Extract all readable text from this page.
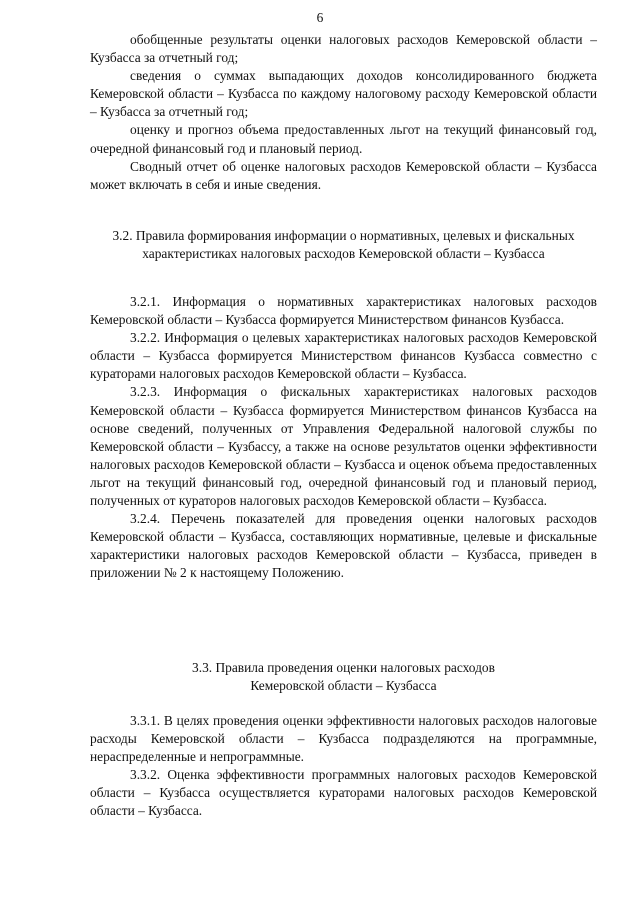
6

обобщенные результаты оценки налоговых расходов Кемеровской области – Кузбасса за отчетный год;

сведения о суммах выпадающих доходов консолидированного бюджета Кемеровской области – Кузбасса по каждому налоговому расходу Кемеровской области – Кузбасса за отчетный год;

оценку и прогноз объема предоставленных льгот на текущий финансовый год, очередной финансовый год и плановый период.

Сводный отчет об оценке налоговых расходов Кемеровской области – Кузбасса может включать в себя и иные сведения.

3.2. Правила формирования информации о нормативных, целевых и фискальных характеристиках налоговых расходов Кемеровской области – Кузбасса

3.2.1. Информация о нормативных характеристиках налоговых расходов Кемеровской области – Кузбасса формируется Министерством финансов Кузбасса.

3.2.2. Информация о целевых характеристиках налоговых расходов Кемеровской области – Кузбасса формируется Министерством финансов Кузбасса совместно с кураторами налоговых расходов Кемеровской области – Кузбасса.

3.2.3. Информация о фискальных характеристиках налоговых расходов Кемеровской области – Кузбасса формируется Министерством финансов Кузбасса на основе сведений, полученных от Управления Федеральной налоговой службы по Кемеровской области – Кузбассу, а также на основе результатов оценки эффективности налоговых расходов Кемеровской области – Кузбасса и оценок объема предоставленных льгот на текущий финансовый год, очередной финансовый год и плановый период, полученных от кураторов налоговых расходов Кемеровской области – Кузбасса.

3.2.4. Перечень показателей для проведения оценки налоговых расходов Кемеровской области – Кузбасса, составляющих нормативные, целевые и фискальные характеристики налоговых расходов Кемеровской области – Кузбасса, приведен в приложении № 2 к настоящему Положению.

3.3. Правила проведения оценки налоговых расходов

Кемеровской области – Кузбасса

3.3.1. В целях проведения оценки эффективности налоговых расходов налоговые расходы Кемеровской области – Кузбасса подразделяются на программные, нераспределенные и непрограммные.

3.3.2. Оценка эффективности программных налоговых расходов Кемеровской области – Кузбасса осуществляется кураторами налоговых расходов Кемеровской области – Кузбасса.
